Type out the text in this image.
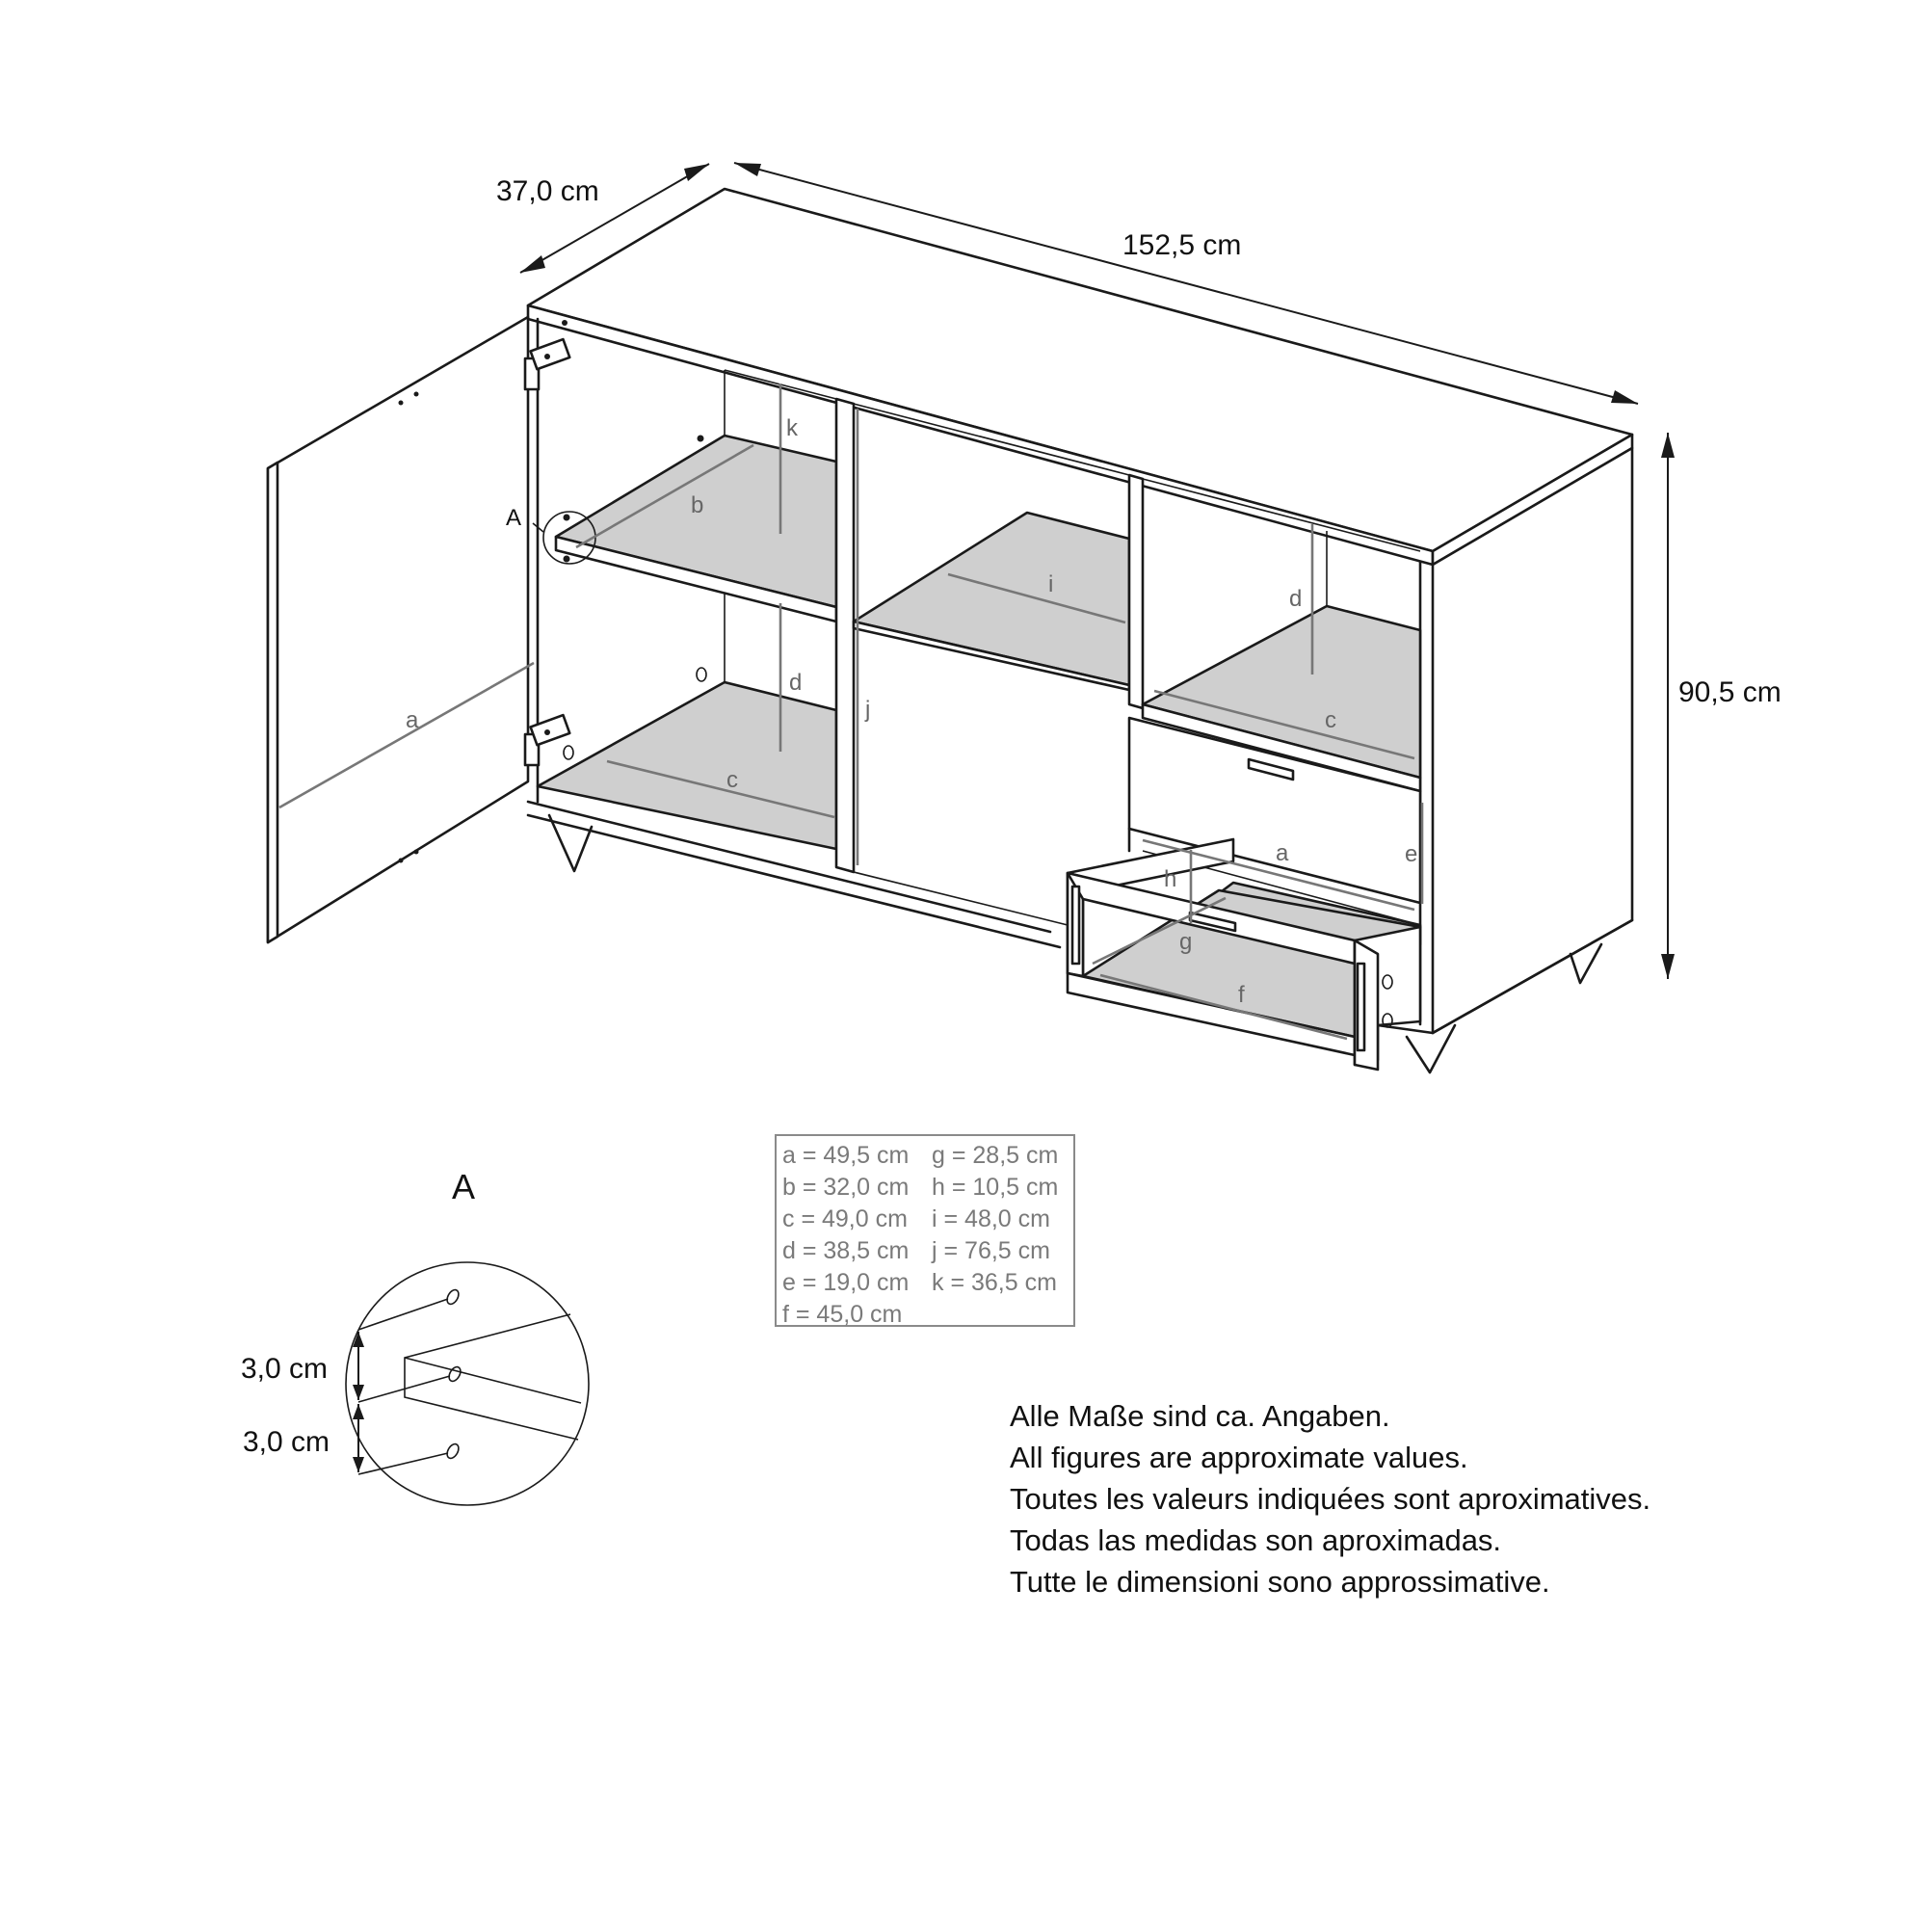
37,0 cm
152,5 cm
90,5 cm
A
a
b
c
c
d
d
e
f
g
h
i
j
k
a
A
3,0 cm
3,0 cm
a = 49,5 cm g = 28,5 cm
b = 32,0 cm h = 10,5 cm
c = 49,0 cm	i = 48,0 cm
d = 38,5 cm j = 76,5 cm
e = 19,0 cm k = 36,5 cm
f = 45,0 cm
Alle Maße sind ca. Angaben.
All figures are approximate values.
Toutes les valeurs indiquées sont aproximatives.
Todas las medidas son aproximadas.
Tutte le dimensioni sono approssimative.
